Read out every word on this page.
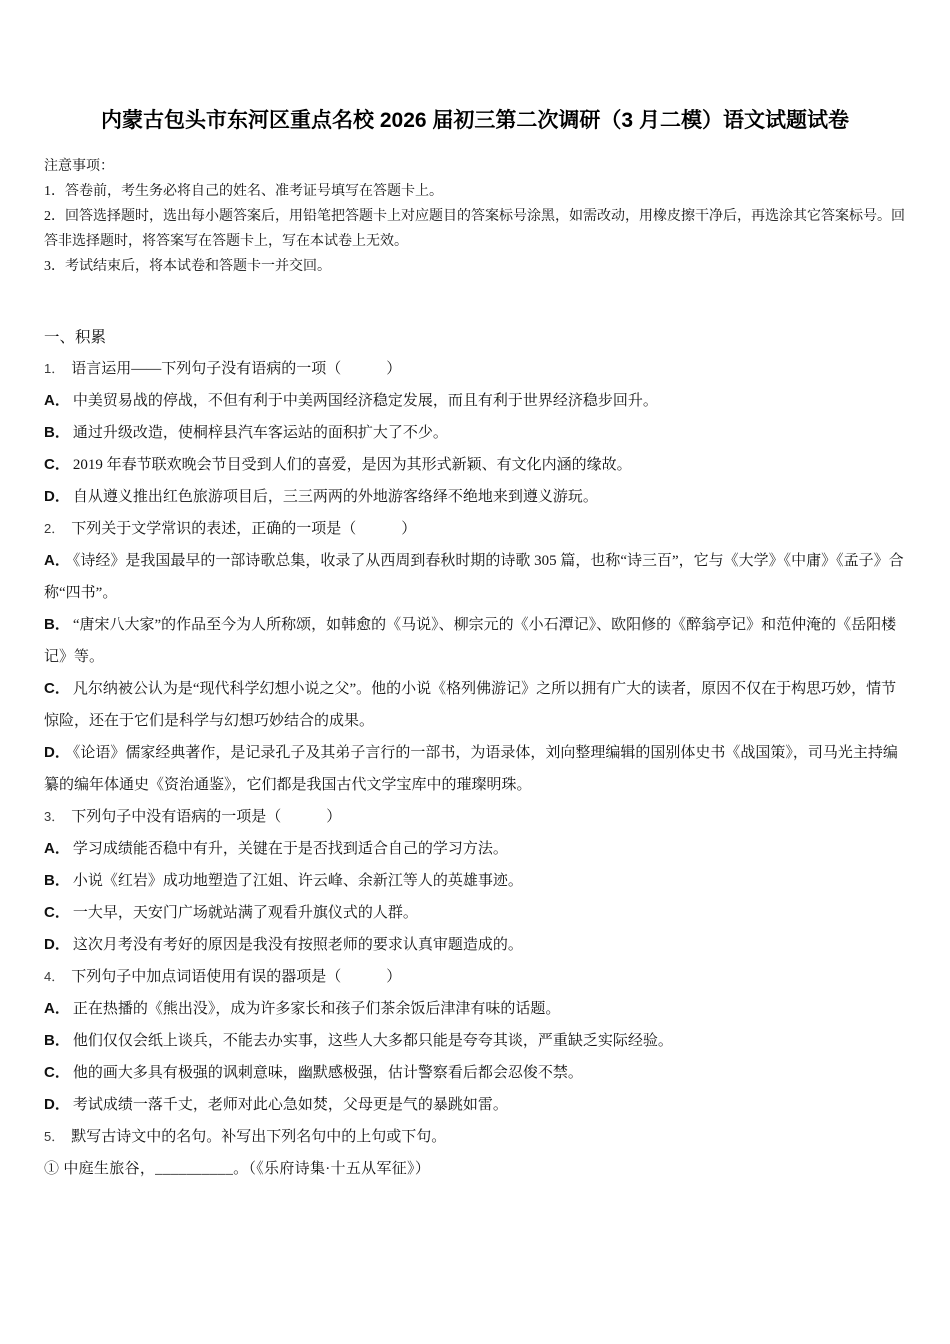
内蒙古包头市东河区重点名校 2026 届初三第二次调研（3 月二模）语文试题试卷

注意事项：

1．答卷前，考生务必将自己的姓名、准考证号填写在答题卡上。

2．回答选择题时，选出每小题答案后，用铅笔把答题卡上对应题目的答案标号涂黑，如需改动，用橡皮擦干净后，再选涂其它答案标号。回答非选择题时，将答案写在答题卡上，写在本试卷上无效。

3．考试结束后，将本试卷和答题卡一并交回。

一、积累

1． 语言运用——下列句子没有语病的一项（　　　）

A． 中美贸易战的停战，不但有利于中美两国经济稳定发展，而且有利于世界经济稳步回升。

B． 通过升级改造，使桐梓县汽车客运站的面积扩大了不少。

C． 2019 年春节联欢晚会节目受到人们的喜爱，是因为其形式新颖、有文化内涵的缘故。

D． 自从遵义推出红色旅游项目后，三三两两的外地游客络绎不绝地来到遵义游玩。

2． 下列关于文学常识的表述，正确的一项是（　　　）

A． 《诗经》是我国最早的一部诗歌总集，收录了从西周到春秋时期的诗歌 305 篇，也称“诗三百”，它与《大学》《中庸》《孟子》合称“四书”。

B． “唐宋八大家”的作品至今为人所称颂，如韩愈的《马说》、柳宗元的《小石潭记》、欧阳修的《醉翁亭记》和范仲淹的《岳阳楼记》等。

C． 凡尔纳被公认为是“现代科学幻想小说之父”。他的小说《格列佛游记》之所以拥有广大的读者，原因不仅在于构思巧妙，情节惊险，还在于它们是科学与幻想巧妙结合的成果。

D． 《论语》儒家经典著作，是记录孔子及其弟子言行的一部书，为语录体，刘向整理编辑的国别体史书《战国策》，司马光主持编纂的编年体通史《资治通鉴》，它们都是我国古代文学宝库中的璀璨明珠。

3． 下列句子中没有语病的一项是（　　　）

A． 学习成绩能否稳中有升，关键在于是否找到适合自己的学习方法。

B． 小说《红岩》成功地塑造了江姐、许云峰、余新江等人的英雄事迹。

C． 一大早，天安门广场就站满了观看升旗仪式的人群。

D． 这次月考没有考好的原因是我没有按照老师的要求认真审题造成的。

4． 下列句子中加点词语使用有误的器项是（　　　）

A． 正在热播的《熊出没》，成为许多家长和孩子们茶余饭后津津有味的话题。

B． 他们仅仅会纸上谈兵，不能去办实事，这些人大多都只能是夸夸其谈，严重缺乏实际经验。

C． 他的画大多具有极强的讽刺意味，幽默感极强，估计警察看后都会忍俊不禁。

D． 考试成绩一落千丈，老师对此心急如焚，父母更是气的暴跳如雷。

5． 默写古诗文中的名句。补写出下列名句中的上句或下句。

① 中庭生旅谷，__________。（《乐府诗集·十五从军征》）
